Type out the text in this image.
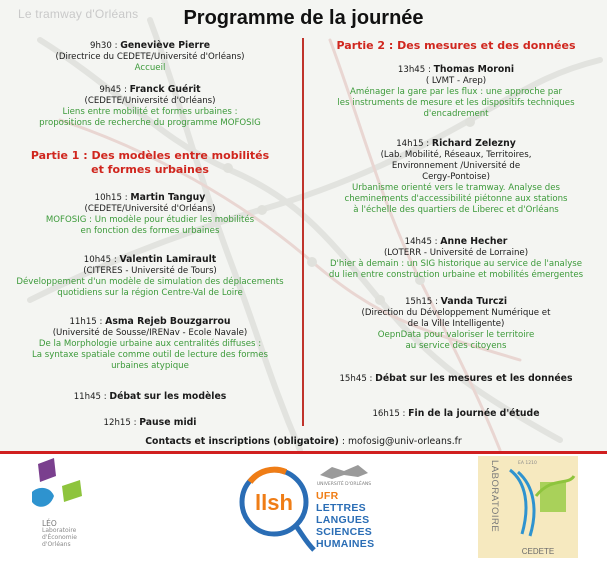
Le tramway d'Orléans	Programme de la journée
9h30 : Geneviève Pierre
(Directrice du CEDETE/Université d'Orléans)
Accueil
9h45 : Franck Guérit
(CEDETE/Université d'Orléans)
Liens entre mobilité et formes urbaines :
propositions de recherche du programme MOFOSIG
Partie 1 : Des modèles entre mobilités
et formes urbaines
10h15 : Martin Tanguy
(CEDETE/Université d'Orléans)
MOFOSIG : Un modèle pour étudier les mobilités
en fonction des formes urbaines
10h45 : Valentin Lamirault
(CITERES - Université de Tours)
Développement d'un modèle de simulation des déplacements
quotidiens sur la région Centre-Val de Loire
11h15 : Asma Rejeb Bouzgarrou
(Université de Sousse/IRENav - Ecole Navale)
De la Morphologie urbaine aux centralités diffuses :
La syntaxe spatiale comme outil de lecture des formes
urbaines atypique
11h45 : Débat sur les modèles
12h15 : Pause midi
Partie 2 : Des mesures et des données
13h45 : Thomas Moroni
( LVMT - Arep)
Aménager la gare par les flux : une approche par
les instruments de mesure et les dispositifs techniques
d'encadrement
14h15 : Richard Zelezny
(Lab. Mobilité, Réseaux, Territoires,
Environnement /Université de
Cergy-Pontoise)
Urbanisme orienté vers le tramway. Analyse des
cheminements d'accessibilité piétonne aux stations
à l'échelle des quartiers de Liberec et d'Orléans
14h45 : Anne Hecher
(LOTERR - Université de Lorraine)
D'hier à demain : un SIG historique au service de l'analyse
du lien entre construction urbaine et mobilités émergentes
15h15 : Vanda Turczi
(Direction du Développement Numérique et
de la Ville Intelligente)
OepnData pour valoriser le territoire
au service des citoyens
15h45 : Débat sur les mesures et les données
16h15 : Fin de la journée d'étude
Contacts et inscriptions (obligatoire) : mofosig@univ-orleans.fr
LÉO
Laboratoire
d'Économie
d'Orléans
llsh
UNIVERSITÉ D'ORLÉANS
UFR
LETTRES
LANGUES
SCIENCES
HUMAINES
LABORATOIRE	EA 1210
CEDETE
